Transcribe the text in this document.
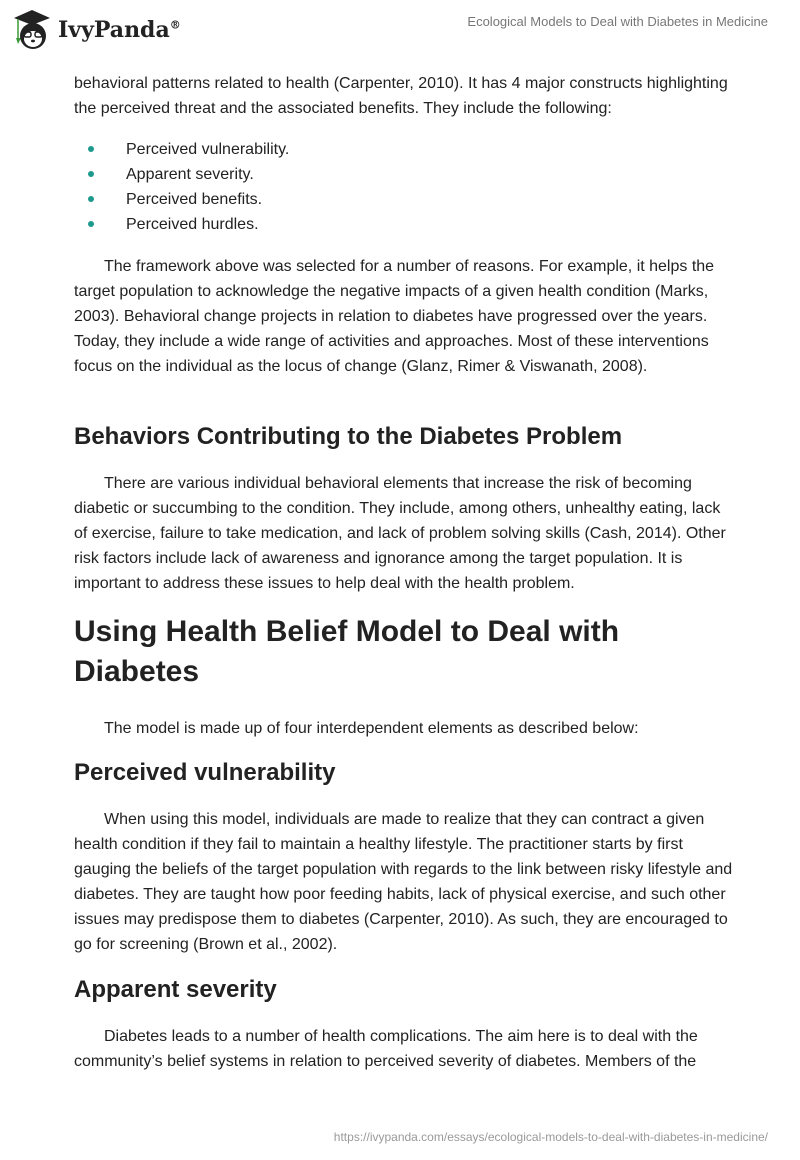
IvyPanda®	Ecological Models to Deal with Diabetes in Medicine
behavioral patterns related to health (Carpenter, 2010). It has 4 major constructs highlighting the perceived threat and the associated benefits. They include the following:
Perceived vulnerability.
Apparent severity.
Perceived benefits.
Perceived hurdles.
The framework above was selected for a number of reasons. For example, it helps the target population to acknowledge the negative impacts of a given health condition (Marks, 2003). Behavioral change projects in relation to diabetes have progressed over the years. Today, they include a wide range of activities and approaches. Most of these interventions focus on the individual as the locus of change (Glanz, Rimer & Viswanath, 2008).
Behaviors Contributing to the Diabetes Problem
There are various individual behavioral elements that increase the risk of becoming diabetic or succumbing to the condition. They include, among others, unhealthy eating, lack of exercise, failure to take medication, and lack of problem solving skills (Cash, 2014). Other risk factors include lack of awareness and ignorance among the target population. It is important to address these issues to help deal with the health problem.
Using Health Belief Model to Deal with Diabetes
The model is made up of four interdependent elements as described below:
Perceived vulnerability
When using this model, individuals are made to realize that they can contract a given health condition if they fail to maintain a healthy lifestyle. The practitioner starts by first gauging the beliefs of the target population with regards to the link between risky lifestyle and diabetes. They are taught how poor feeding habits, lack of physical exercise, and such other issues may predispose them to diabetes (Carpenter, 2010). As such, they are encouraged to go for screening (Brown et al., 2002).
Apparent severity
Diabetes leads to a number of health complications. The aim here is to deal with the community’s belief systems in relation to perceived severity of diabetes. Members of the
https://ivypanda.com/essays/ecological-models-to-deal-with-diabetes-in-medicine/
